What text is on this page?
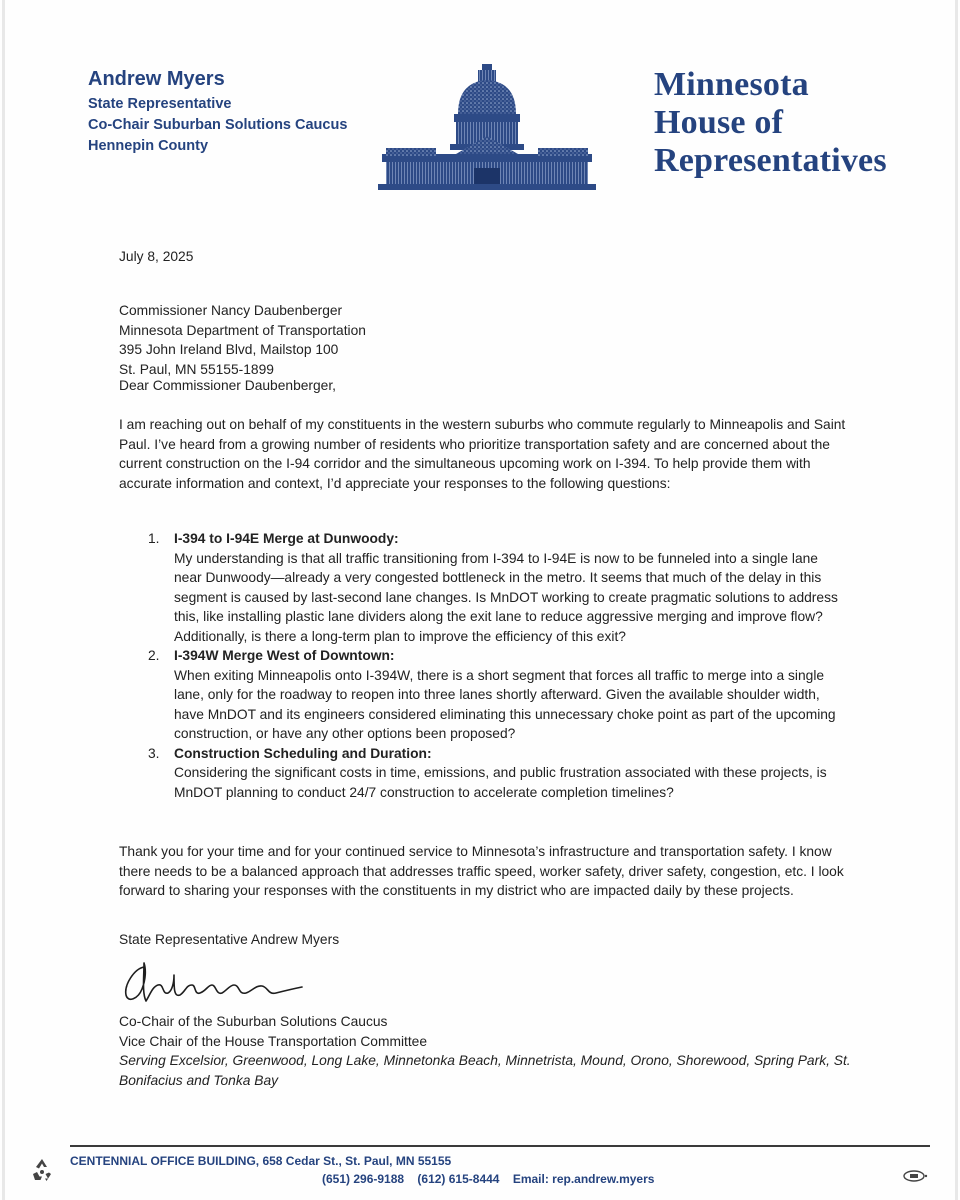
Andrew Myers
State Representative
Co-Chair Suburban Solutions Caucus
Hennepin County
Minnesota
House of
Representatives
July 8, 2025
Commissioner Nancy Daubenberger
Minnesota Department of Transportation
395 John Ireland Blvd, Mailstop 100
St. Paul, MN 55155-1899
Dear Commissioner Daubenberger,
I am reaching out on behalf of my constituents in the western suburbs who commute regularly to Minneapolis and Saint Paul. I’ve heard from a growing number of residents who prioritize transportation safety and are concerned about the current construction on the I-94 corridor and the simultaneous upcoming work on I-394. To help provide them with accurate information and context, I’d appreciate your responses to the following questions:
1. I-394 to I-94E Merge at Dunwoody:
My understanding is that all traffic transitioning from I-394 to I-94E is now to be funneled into a single lane near Dunwoody—already a very congested bottleneck in the metro. It seems that much of the delay in this segment is caused by last-second lane changes. Is MnDOT working to create pragmatic solutions to address this, like installing plastic lane dividers along the exit lane to reduce aggressive merging and improve flow? Additionally, is there a long-term plan to improve the efficiency of this exit?
2. I-394W Merge West of Downtown:
When exiting Minneapolis onto I-394W, there is a short segment that forces all traffic to merge into a single lane, only for the roadway to reopen into three lanes shortly afterward. Given the available shoulder width, have MnDOT and its engineers considered eliminating this unnecessary choke point as part of the upcoming construction, or have any other options been proposed?
3. Construction Scheduling and Duration:
Considering the significant costs in time, emissions, and public frustration associated with these projects, is MnDOT planning to conduct 24/7 construction to accelerate completion timelines?
Thank you for your time and for your continued service to Minnesota’s infrastructure and transportation safety. I know there needs to be a balanced approach that addresses traffic speed, worker safety, driver safety, congestion, etc. I look forward to sharing your responses with the constituents in my district who are impacted daily by these projects.
State Representative Andrew Myers
Co-Chair of the Suburban Solutions Caucus
Vice Chair of the House Transportation Committee
Serving Excelsior, Greenwood, Long Lake, Minnetonka Beach, Minnetrista, Mound, Orono, Shorewood, Spring Park, St. Bonifacius and Tonka Bay
CENTENNIAL OFFICE BUILDING, 658 Cedar St., St. Paul, MN 55155
(651) 296-9188 (612) 615-8444 Email: rep.andrew.myers
